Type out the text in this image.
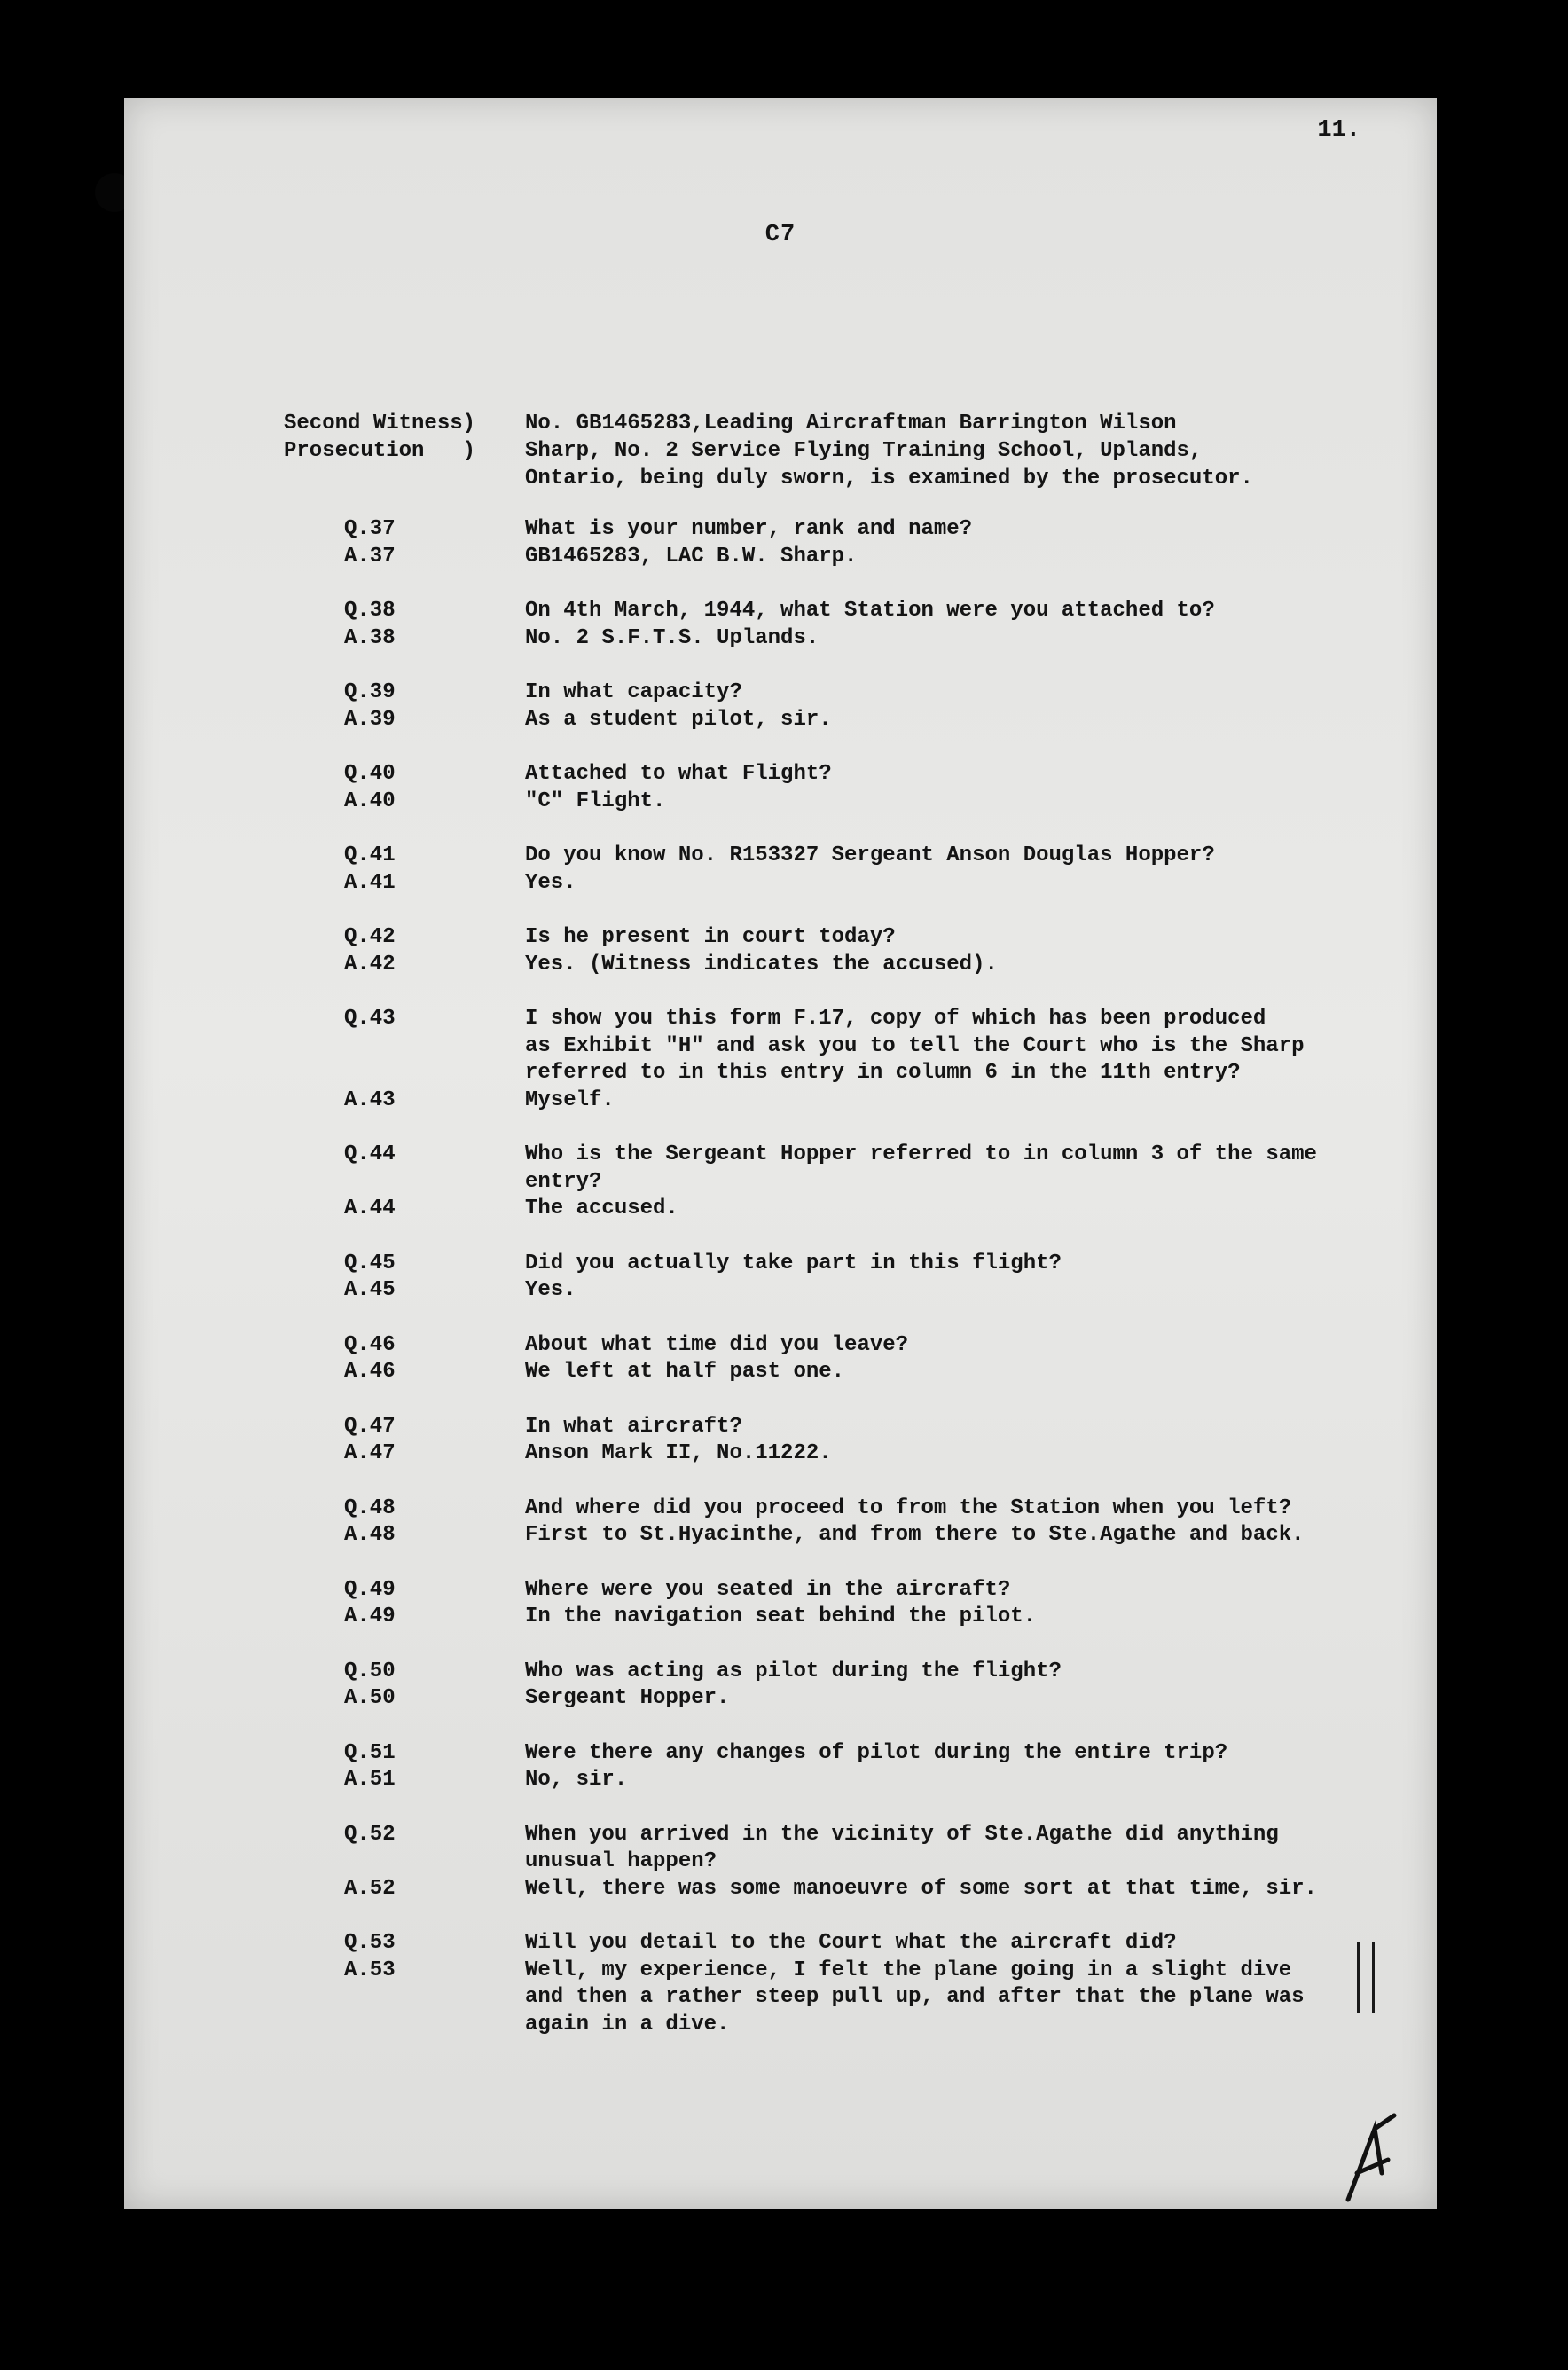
11.
C7
Second Witness) No. GB1465283,Leading Aircraftman Barrington Wilson
Prosecution   ) Sharp, No. 2 Service Flying Training School, Uplands,
Ontario, being duly sworn, is examined by the prosecutor.
Q.37	What is your number, rank and name?
A.37	GB1465283, LAC B.W. Sharp.
Q.38	On 4th March, 1944, what Station were you attached to?
A.38	No. 2 S.F.T.S. Uplands.
Q.39	In what capacity?
A.39	As a student pilot, sir.
Q.40	Attached to what Flight?
A.40	"C" Flight.
Q.41	Do you know No. R153327 Sergeant Anson Douglas Hopper?
A.41	Yes.
Q.42	Is he present in court today?
A.42	Yes. (Witness indicates the accused).
Q.43	I show you this form F.17, copy of which has been produced
as Exhibit "H" and ask you to tell the Court who is the Sharp
referred to in this entry in column 6 in the 11th entry?
A.43	Myself.
Q.44	Who is the Sergeant Hopper referred to in column 3 of the same
entry?
A.44	The accused.
Q.45	Did you actually take part in this flight?
A.45	Yes.
Q.46	About what time did you leave?
A.46	We left at half past one.
Q.47	In what aircraft?
A.47	Anson Mark II, No.11222.
Q.48	And where did you proceed to from the Station when you left?
A.48	First to St.Hyacinthe, and from there to Ste.Agathe and back.
Q.49	Where were you seated in the aircraft?
A.49	In the navigation seat behind the pilot.
Q.50	Who was acting as pilot during the flight?
A.50	Sergeant Hopper.
Q.51	Were there any changes of pilot during the entire trip?
A.51	No, sir.
Q.52	When you arrived in the vicinity of Ste.Agathe did anything
unusual happen?
A.52	Well, there was some manoeuvre of some sort at that time, sir.
Q.53	Will you detail to the Court what the aircraft did?
A.53	Well, my experience, I felt the plane going in a slight dive
and then a rather steep pull up, and after that the plane was
again in a dive.
